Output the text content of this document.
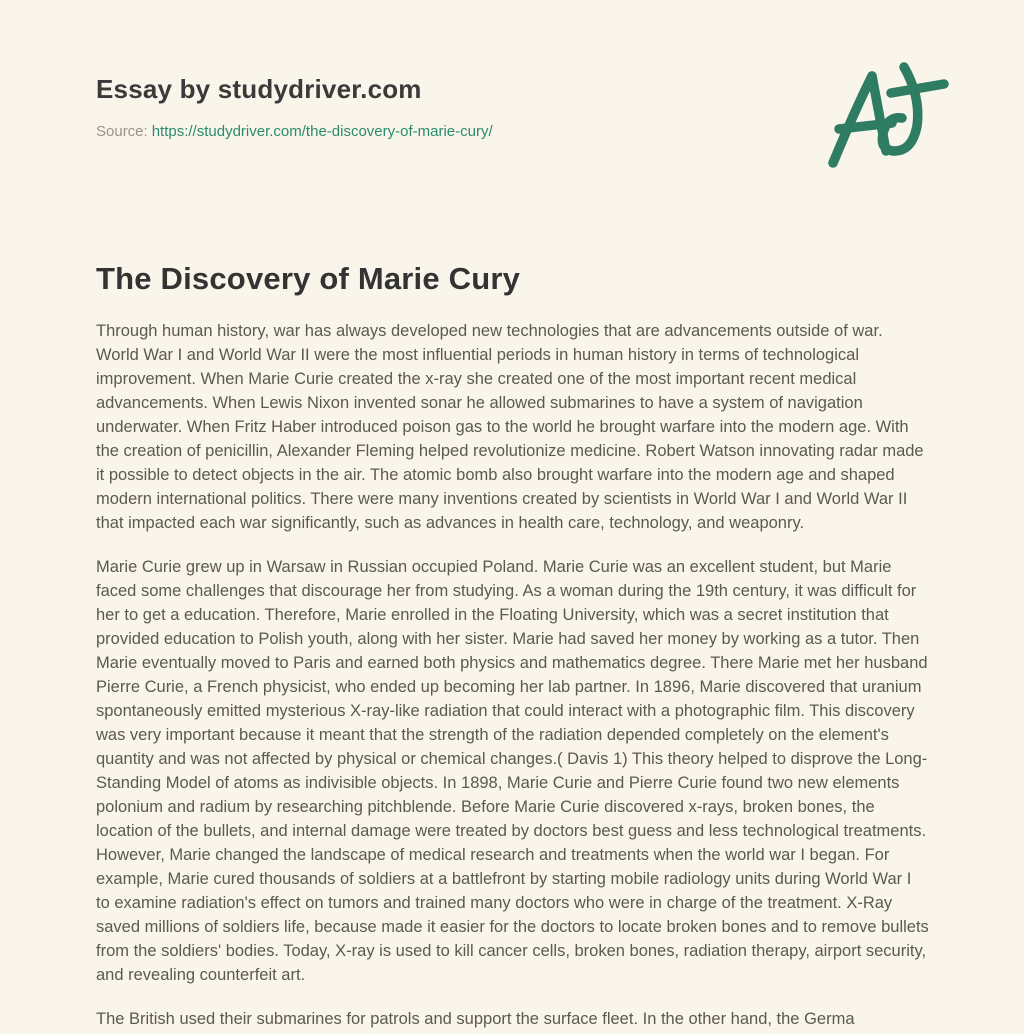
Essay by studydriver.com
Source: https://studydriver.com/the-discovery-of-marie-cury/
The Discovery of Marie Cury

Through human history, war has always developed new technologies that are advancements outside of war. World War I and World War II were the most influential periods in human history in terms of technological improvement. When Marie Curie created the x-ray she created one of the most important recent medical advancements. When Lewis Nixon invented sonar he allowed submarines to have a system of navigation underwater. When Fritz Haber introduced poison gas to the world he brought warfare into the modern age. With the creation of penicillin, Alexander Fleming helped revolutionize medicine. Robert Watson innovating radar made it possible to detect objects in the air. The atomic bomb also brought warfare into the modern age and shaped modern international politics. There were many inventions created by scientists in World War I and World War II that impacted each war significantly, such as advances in health care, technology, and weaponry.

Marie Curie grew up in Warsaw in Russian occupied Poland. Marie Curie was an excellent student, but Marie faced some challenges that discourage her from studying. As a woman during the 19th century, it was difficult for her to get a education. Therefore, Marie enrolled in the Floating University, which was a secret institution that provided education to Polish youth, along with her sister. Marie had saved her money by working as a tutor. Then Marie eventually moved to Paris and earned both physics and mathematics degree. There Marie met her husband Pierre Curie, a French physicist, who ended up becoming her lab partner. In 1896, Marie discovered that uranium spontaneously emitted mysterious X-ray-like radiation that could interact with a photographic film. This discovery was very important because it meant that the strength of the radiation depended completely on the element's quantity and was not affected by physical or chemical changes.( Davis 1) This theory helped to disprove the Long-Standing Model of atoms as indivisible objects. In 1898, Marie Curie and Pierre Curie found two new elements polonium and radium by researching pitchblende. Before Marie Curie discovered x-rays, broken bones, the location of the bullets, and internal damage were treated by doctors best guess and less technological treatments. However, Marie changed the landscape of medical research and treatments when the world war I began. For example, Marie cured thousands of soldiers at a battlefront by starting mobile radiology units during World War I to examine radiation's effect on tumors and trained many doctors who were in charge of the treatment. X-Ray saved millions of soldiers life, because made it easier for the doctors to locate broken bones and to remove bullets from the soldiers' bodies. Today, X-ray is used to kill cancer cells, broken bones, radiation therapy, airport security, and revealing counterfeit art.

The British used their submarines for patrols and support the surface fleet. In the other hand, the Germa
